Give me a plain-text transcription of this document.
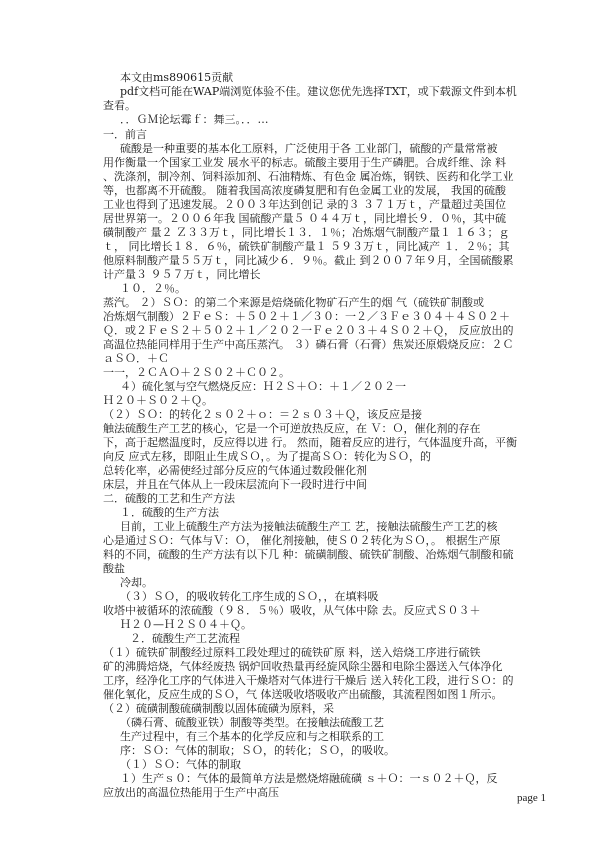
本文由ms890615贡献
pdf文档可能在WAP端浏览体验不佳。建议您优先选择TXT，或下载源文件到本机
查看。
．．ＧＭ论坛霉ｆ：舞三。．．…
一．前言
硫酸是一种重要的基本化工原料，广泛使用于各 工业部门，硫酸的产量常常被
用作衡量一个国家工业发 展水平的标志。硫酸主要用于生产磷肥。合成纤维、涂 料
、洗涤剂，制冷剂、饲料添加剂、石油精炼、有色金 属冶炼，钢铁、医药和化学工业
等，也都离不开硫酸。 随着我国高浓度磷复肥和有色金属工业的发展， 我国的硫酸
工业也得到了迅速发展。２００３年达到创记 录的３ ３７１万ｔ，产量超过美国位
居世界第一。２００６年我 国硫酸产量５ ０４４万ｔ，同比增长９．０％，其中硫
磺制酸产 量２ Ｚ３３万ｔ，同比增长１３．１％；冶炼烟气制酸产量１ １６３；ｇ
ｔ， 同比增长１８．６％，硫铁矿制酸产量１ ５９３万ｔ，同比减产 １．２％；其
他原料制酸产量５５万ｔ，同比减少６．９％。截止 到２００７年９月，全国硫酸累
计产量３ ９５７万ｔ，同比增长
１０．２％。
蒸汽。 ２）ＳＯ：的第二个来源是焙烧硫化物矿石产生的烟 气（硫铁矿制酸或
冶炼烟气制酸）２ＦｅＳ：＋５０２＋１／３０：一２／３Ｆｅ３０４＋４Ｓ０２＋
Ｑ．或２ＦｅＳ２＋５０２＋１／２０２一Ｆｅ２０３＋４Ｓ０２＋Ｑ， 反应放出的
高温位热能同样用于生产中高压蒸汽。 ３）磷石膏（石膏）焦炭还原煅烧反应：２Ｃ
ａＳＯ．＋Ｃ
一一，２ＣＡＯ＋２Ｓ０２＋Ｃ０２。
４）硫化氢与空气燃烧反应：Ｈ２Ｓ＋Ｏ：＋１／２０２一
Ｈ２０＋Ｓ０２＋Ｑ。
（２）ＳＯ：的转化２ｓ０２＋ｏ：＝２ｓ０３＋Ｑ，该反应是接
触法硫酸生产工艺的核心，它是一个可逆放热反应，在 Ｖ：Ｏ，催化剂的存在
下，高于起燃温度时，反应得以进 行。 然而，随着反应的进行，气体温度升高，平衡
向反 应式左移，即阻止生成ＳＯ，。为了提高ＳＯ：转化为ＳＯ，的
总转化率，必需使经过部分反应的气体通过数段催化剂
床层，并且在气体从上一段床层流向下一段时进行中间
二．硫酸的工艺和生产方法
１．硫酸的生产方法
目前，工业上硫酸生产方法为接触法硫酸生产工 艺，接触法硫酸生产工艺的核
心是通过ＳＯ：气体与Ｖ：Ｏ， 催化剂接触，使Ｓ０２转化为ＳＯ，。 根据生产原
料的不同，硫酸的生产方法有以下几 种：硫磺制酸、硫铁矿制酸、冶炼烟气制酸和硫
酸盐
冷却。
（３）ＳＯ，的吸收转化工序生成的ＳＯ，，在填料吸
收塔中被循环的浓硫酸（９８．５％）吸收，从气体中除 去。反应式Ｓ０３＋
Ｈ２０—Ｈ２Ｓ０４＋Ｑ。
２．硫酸生产工艺流程
（１）硫铁矿制酸经过原料工段处理过的硫铁矿原 料，送入焙烧工序进行硫铁
矿的沸腾焙烧，气体经废热 锅炉回收热量再经旋风除尘器和电除尘器送入气体净化
工序，经净化工序的气体进入干燥塔对气体进行干燥后 送入转化工段，进行ＳＯ：的
催化氧化，反应生成的ＳＯ，气 体送吸收塔吸收产出硫酸，其流程图如图１所示。
（２）硫磺制酸硫磺制酸以固体硫磺为原料，采
（磷石膏、硫酸亚铁）制酸等类型。在接触法硫酸工艺
生产过程中，有三个基本的化学反应和与之相联系的工
序：ＳＯ：气体的制取；ＳＯ，的转化；ＳＯ，的吸收。
（１）ＳＯ：气体的制取
１）生产ｓ０：气体的最简单方法是燃烧熔融硫磺 ｓ＋Ｏ：一ｓ０２＋Ｑ，反
应放出的高温位热能用于生产中高压	page 1
